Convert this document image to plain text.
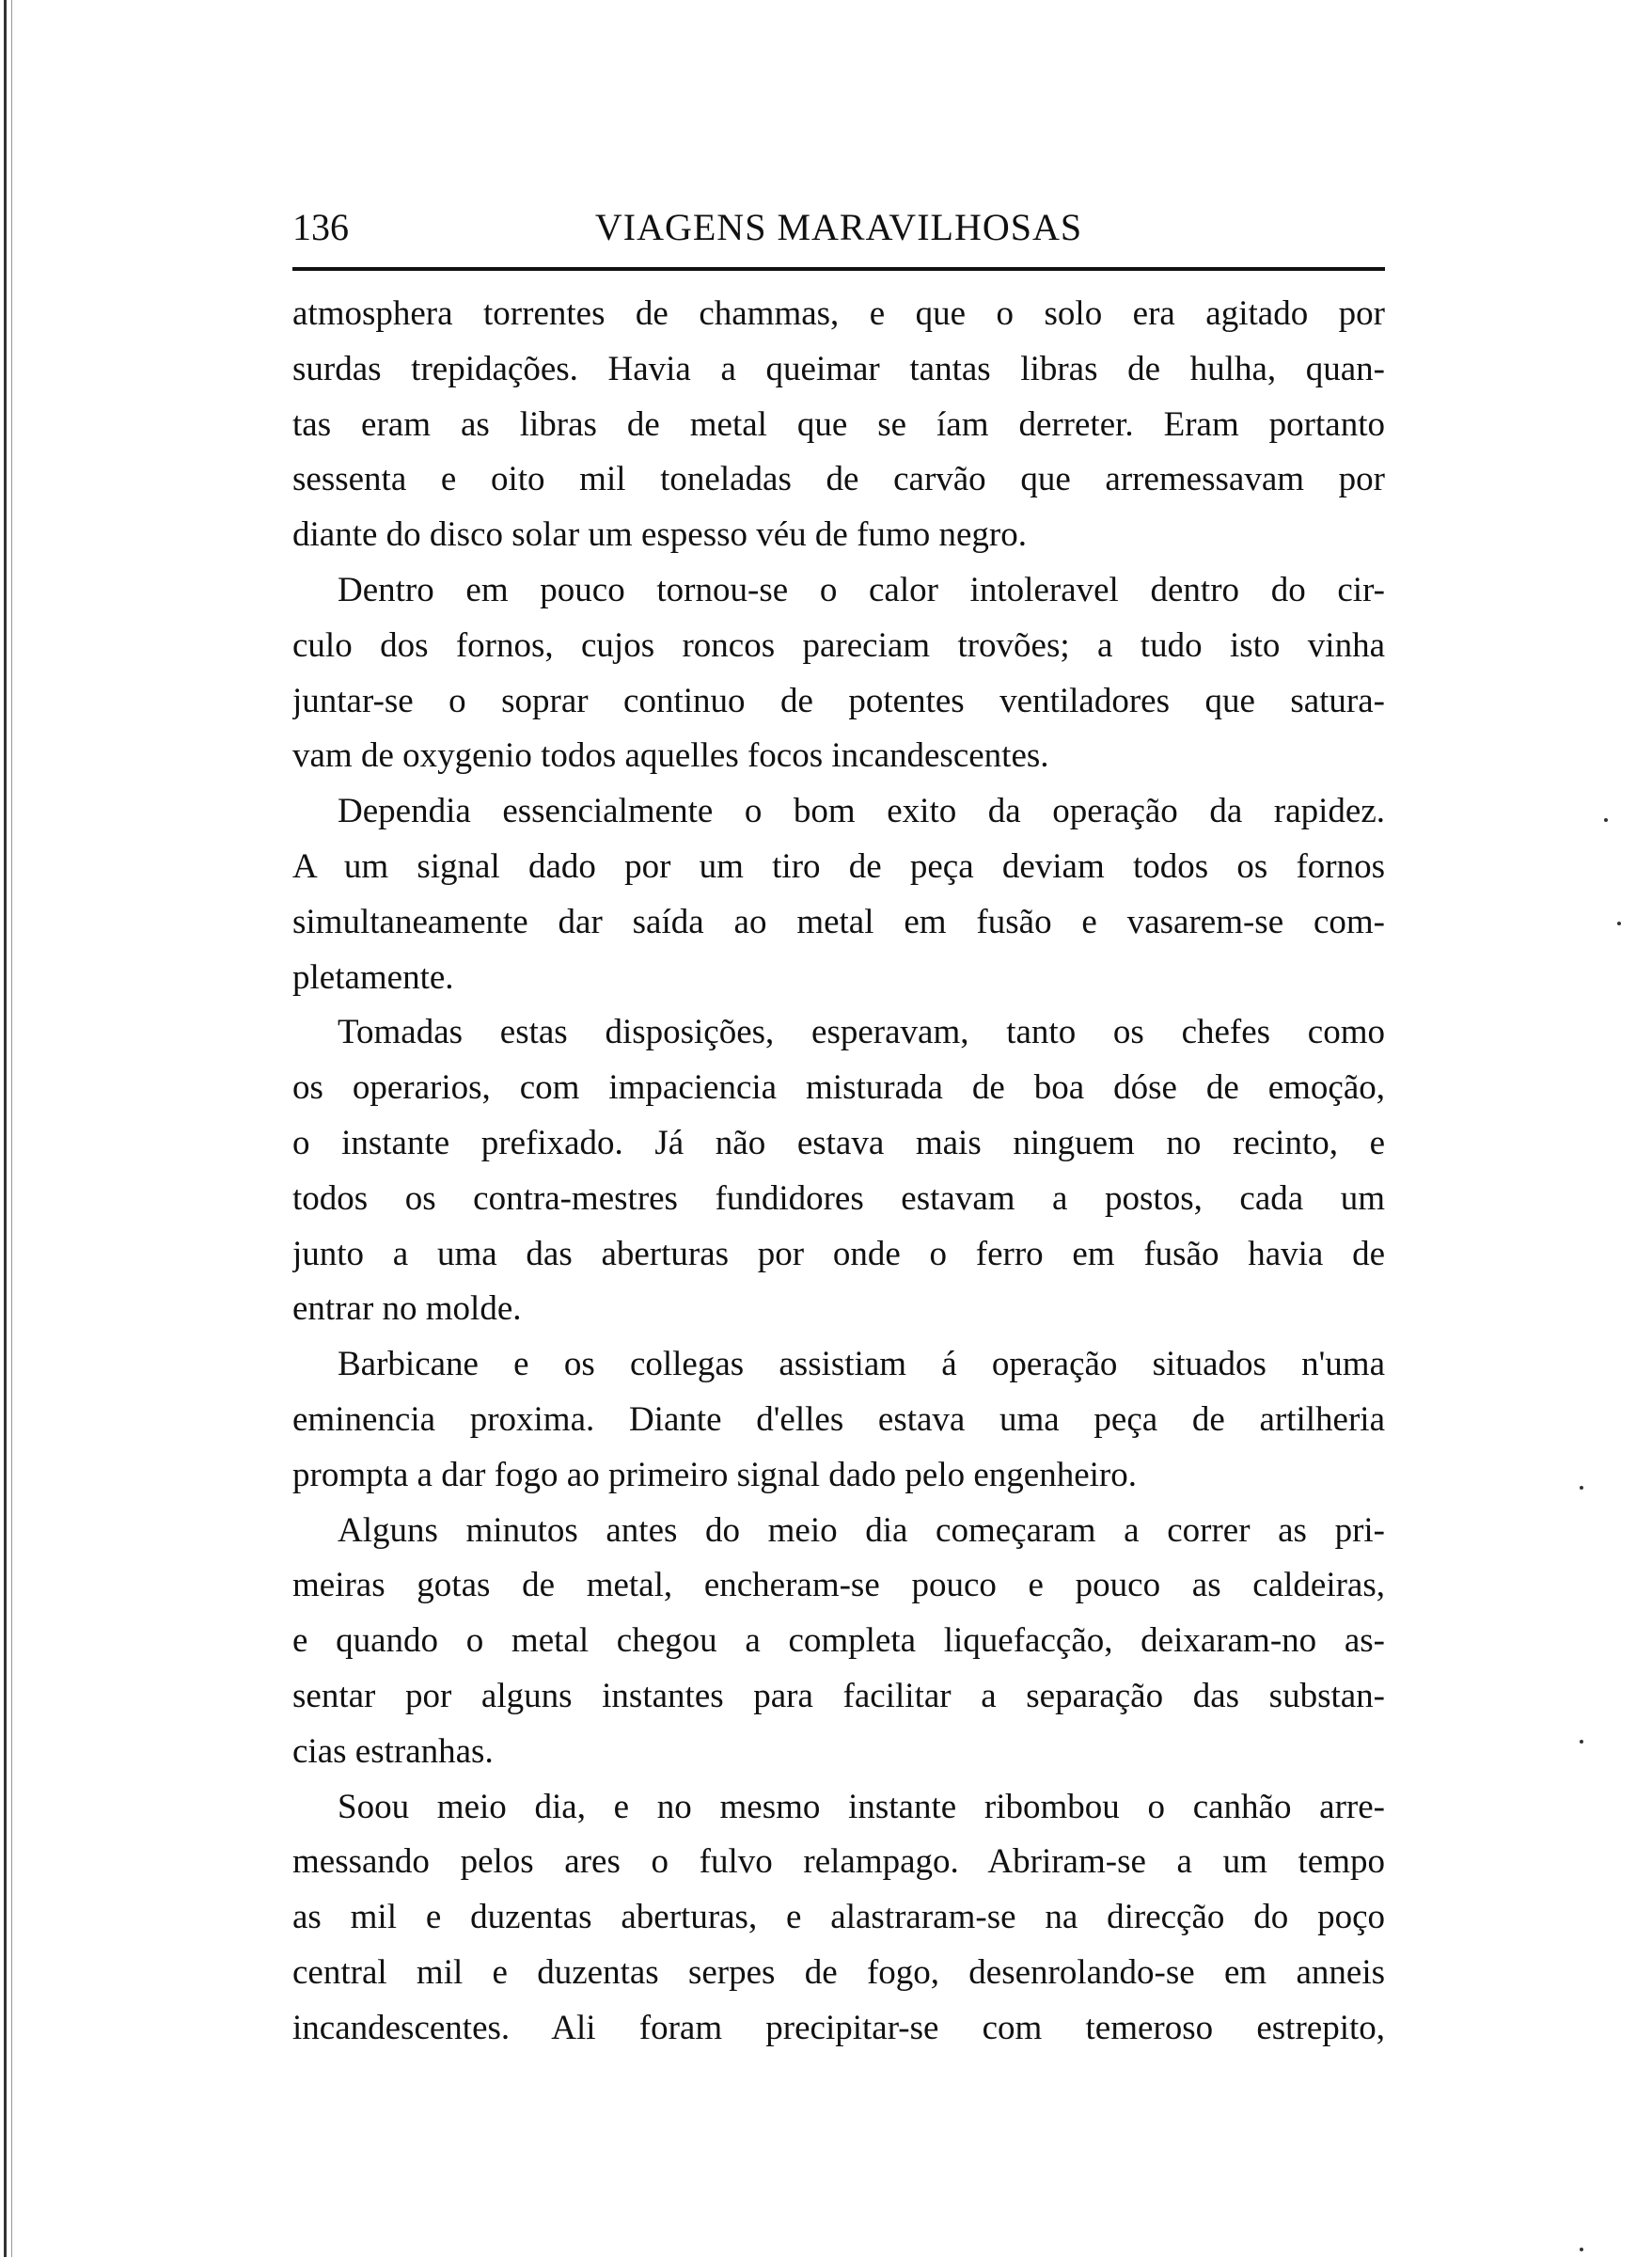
136	VIAGENS MARAVILHOSAS
atmosphera torrentes de chammas, e que o solo era agitado por
surdas trepidações. Havia a queimar tantas libras de hulha, quan-
tas eram as libras de metal que se íam derreter. Eram portanto
sessenta e oito mil toneladas de carvão que arremessavam por
diante do disco solar um espesso véu de fumo negro.
Dentro em pouco tornou-se o calor intoleravel dentro do cir-
culo dos fornos, cujos roncos pareciam trovões; a tudo isto vinha
juntar-se o soprar continuo de potentes ventiladores que satura-
vam de oxygenio todos aquelles focos incandescentes.
Dependia essencialmente o bom exito da operação da rapidez.
A um signal dado por um tiro de peça deviam todos os fornos
simultaneamente dar saída ao metal em fusão e vasarem-se com-
pletamente.
Tomadas estas disposições, esperavam, tanto os chefes como
os operarios, com impaciencia misturada de boa dóse de emoção,
o instante prefixado. Já não estava mais ninguem no recinto, e
todos os contra-mestres fundidores estavam a postos, cada um
junto a uma das aberturas por onde o ferro em fusão havia de
entrar no molde.
Barbicane e os collegas assistiam á operação situados n'uma
eminencia proxima. Diante d'elles estava uma peça de artilheria
prompta a dar fogo ao primeiro signal dado pelo engenheiro.
Alguns minutos antes do meio dia começaram a correr as pri-
meiras gotas de metal, encheram-se pouco e pouco as caldeiras,
e quando o metal chegou a completa liquefacção, deixaram-no as-
sentar por alguns instantes para facilitar a separação das substan-
cias estranhas.
Soou meio dia, e no mesmo instante ribombou o canhão arre-
messando pelos ares o fulvo relampago. Abriram-se a um tempo
as mil e duzentas aberturas, e alastraram-se na direcção do poço
central mil e duzentas serpes de fogo, desenrolando-se em anneis
incandescentes. Ali foram precipitar-se com temeroso estrepito,
